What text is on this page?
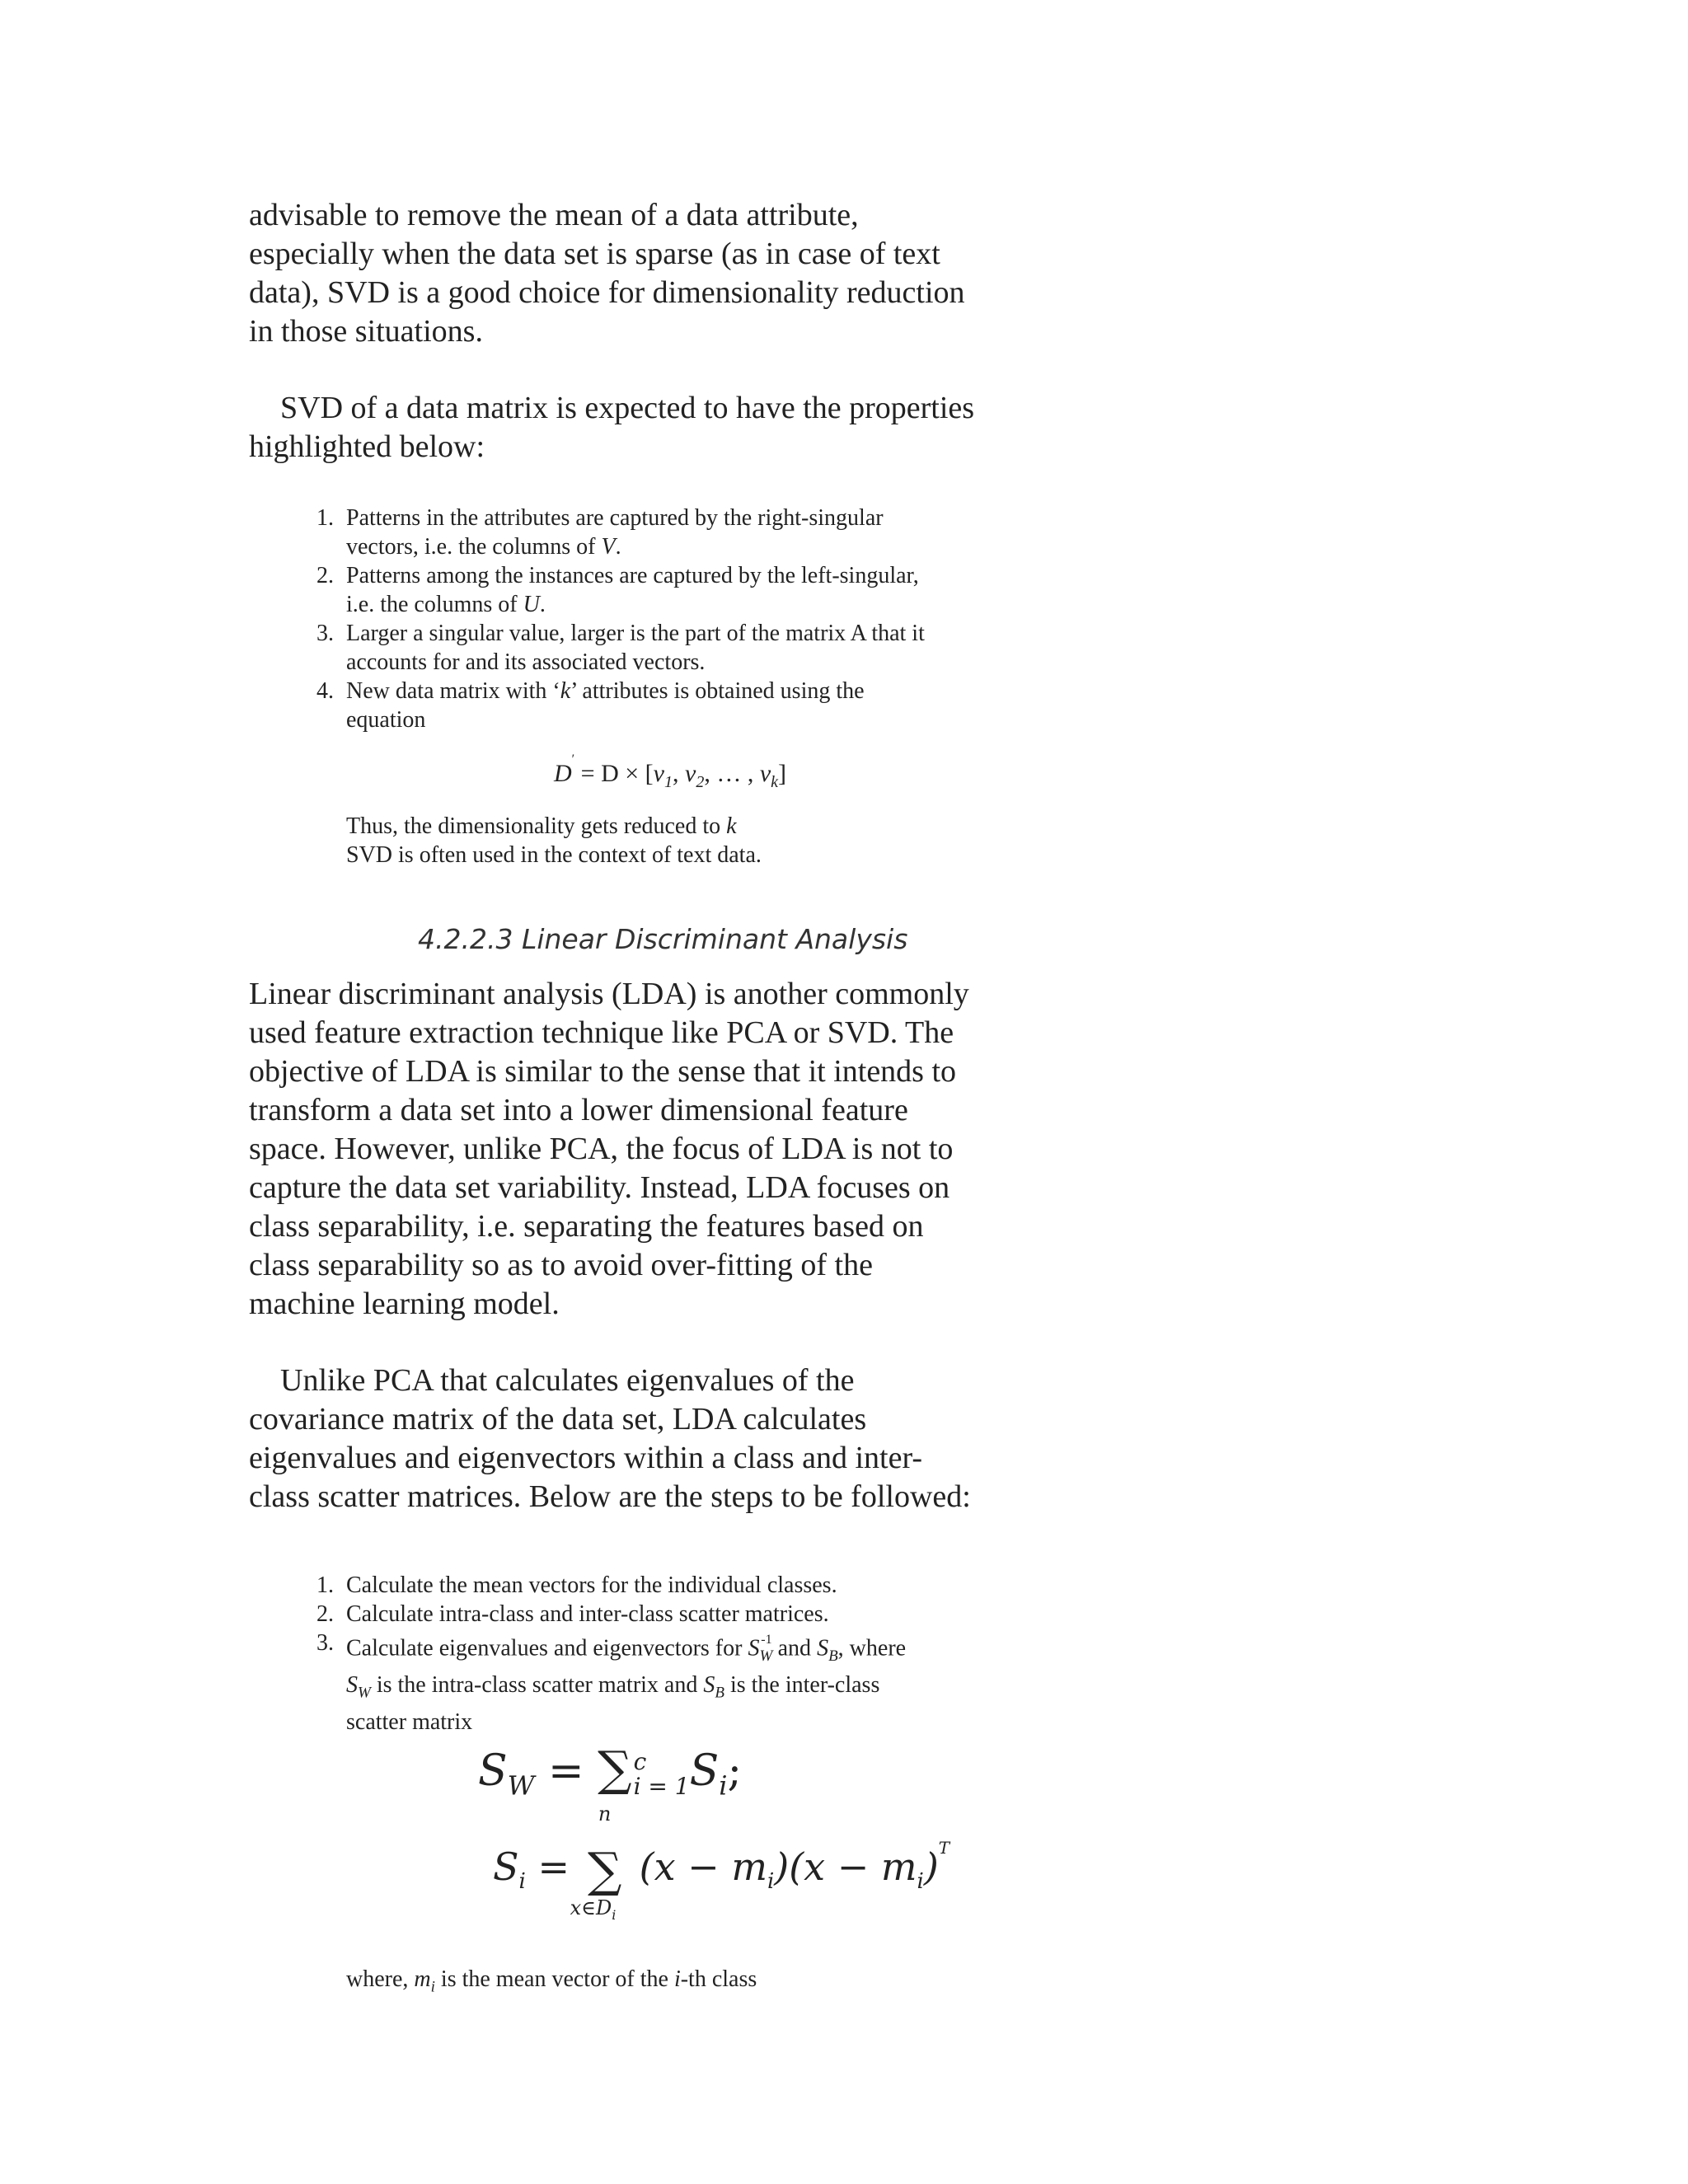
advisable to remove the mean of a data attribute,
especially when the data set is sparse (as in case of text
data), SVD is a good choice for dimensionality reduction
in those situations.

SVD of a data matrix is expected to have the properties
highlighted below:

1. Patterns in the attributes are captured by the right-singular
vectors, i.e. the columns of V.
2. Patterns among the instances are captured by the left-singular,
i.e. the columns of U.
3. Larger a singular value, larger is the part of the matrix A that it
accounts for and its associated vectors.
4. New data matrix with ‘k’ attributes is obtained using the
equation
$D' = D \times [v_1$, $v_2$, … , $v_k$]
Thus, the dimensionality gets reduced to k
SVD is often used in the context of text data.
4.2.2.3 Linear Discriminant Analysis

Linear discriminant analysis (LDA) is another commonly
used feature extraction technique like PCA or SVD. The
objective of LDA is similar to the sense that it intends to
transform a data set into a lower dimensional feature
space. However, unlike PCA, the focus of LDA is not to
capture the data set variability. Instead, LDA focuses on
class separability, i.e. separating the features based on
class separability so as to avoid over-fitting of the
machine learning model.

Unlike PCA that calculates eigenvalues of the
covariance matrix of the data set, LDA calculates
eigenvalues and eigenvectors within a class and inter-
class scatter matrices. Below are the steps to be followed:

1. Calculate the mean vectors for the individual classes.
2. Calculate intra-class and inter-class scatter matrices.
3. Calculate eigenvalues and eigenvectors for $S_W^{-1}$ and $S_B$, where
$S_W$ is the intra-class scatter matrix and $S_B$ is the inter-class
scatter matrix
$S_W$ = ∑ c
i = 1 $S_i$;
$S_i$ =
n
∑
$x\in D_i$
$(x - m_i)(x - m_i)^T$
where, $m_i$ is the mean vector of the i-th class
